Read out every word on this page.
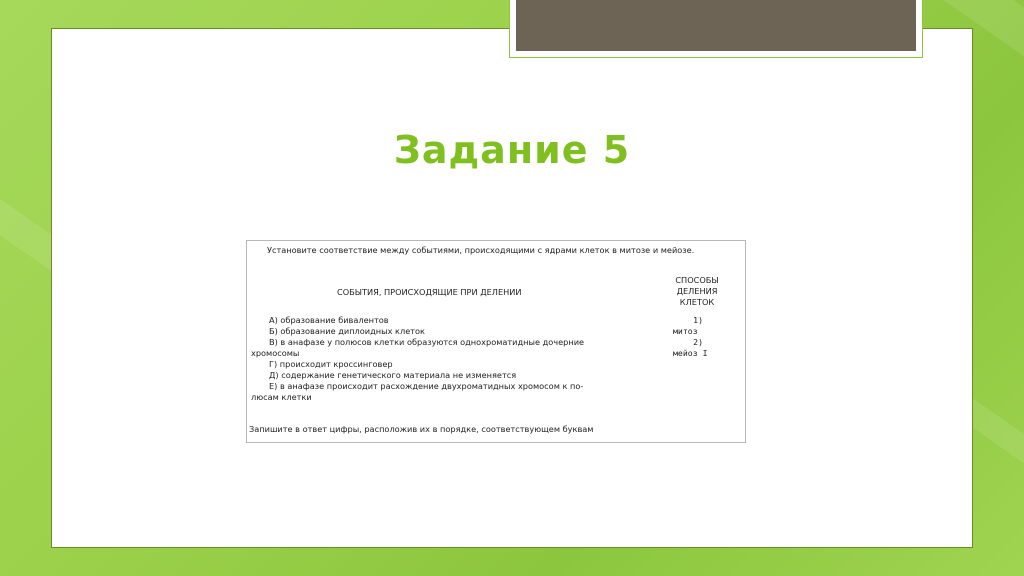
Задание 5
Установите соответствие между событиями, происходящими с ядрами клеток в митозе и мейозе.
СОБЫТИЯ, ПРОИСХОДЯЩИЕ ПРИ ДЕЛЕНИИ
СПОСОБЫ
ДЕЛЕНИЯ
КЛЕТОК
А) образование бивалентов
Б) образование диплоидных клеток
В) в анафазе у полюсов клетки образуются однохроматидные дочерние
хромосомы
Г) происходит кроссинговер
Д) содержание генетического материала не изменяется
Е) в анафазе происходит расхождение двухроматидных хромосом к по-
люсам клетки
1)
митоз
2)
мейоз I
Запишите в ответ цифры, расположив их в порядке, соответствующем буквам
